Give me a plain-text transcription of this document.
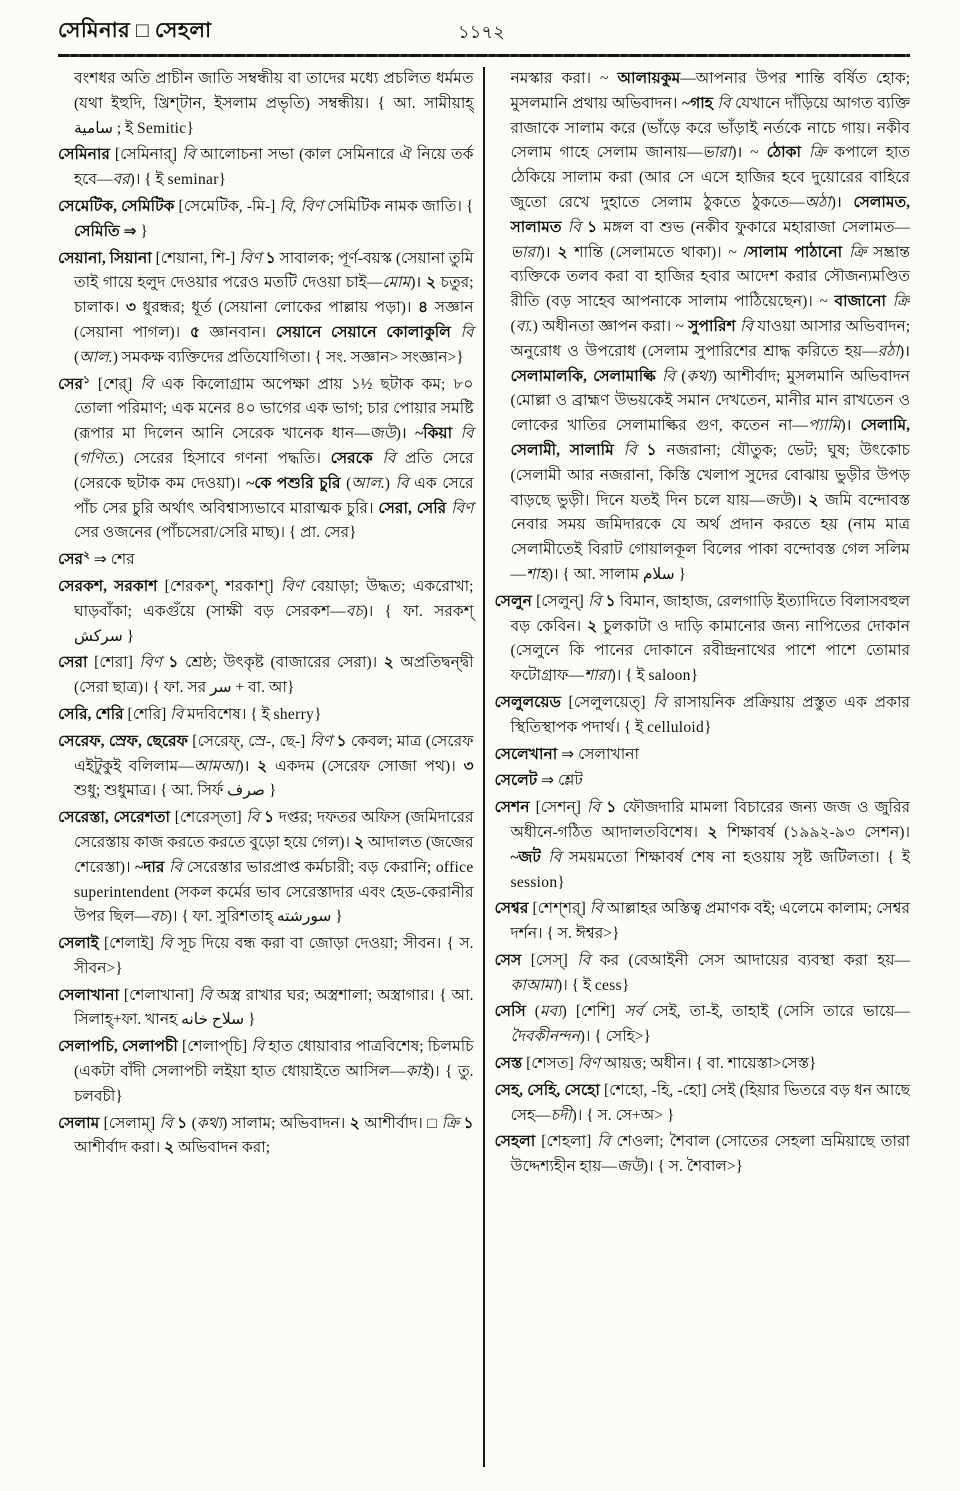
সেমিনার □ সেহলা	১১৭২

বংশধর অতি প্রাচীন জাতি সম্বন্ধীয় বা তাদের মধ্যে প্রচলিত ধর্মমত (যথা ইহুদি, খ্রিশ্টান, ইসলাম প্রভৃতি) সম্বন্ধীয়। { আ. সামীয়াহ্ سامية ; ই Semitic}

সেমিনার [সেমিনার্] বি আলোচনা সভা (কাল সেমিনারে ঐ নিয়ে তর্ক হবে—বর)। { ই seminar}

সেমেটিক, সেমিটিক [সেমেটিক, -মি-] বি, বিণ সেমিটিক নামক জাতি। { সেমিতি ⇒ }

সেয়ানা, সিয়ানা [শেয়ানা, শি-] বিণ ১ সাবালক; পূর্ণ-বয়স্ক (সেয়ানা তুমি তাই গায়ে হলুদ দেওয়ার পরেও মতটি দেওয়া চাই—মোম)। ২ চতুর; চালাক। ৩ ধুরন্ধর; ধূর্ত (সেয়ানা লোকের পাল্লায় পড়া)। ৪ সজ্ঞান (সেয়ানা পাগল)। ৫ জ্ঞানবান। সেয়ানে সেয়ানে কোলাকুলি বি (আল.) সমকক্ষ ব্যক্তিদের প্রতিযোগিতা। { সং. সজ্ঞান> সংজ্ঞান>}

সের$^১$ [শের্] বি এক কিলোগ্রাম অপেক্ষা প্রায় ১½ ছটাক কম; ৮০ তোলা পরিমাণ; এক মনের ৪০ ভাগের এক ভাগ; চার পোয়ার সমষ্টি (রূপার মা দিলেন আনি সেরেক খানেক ধান—জউ)। ~কিয়া বি (গণিত.) সেরের হিসাবে গণনা পদ্ধতি। সেরকে বি প্রতি সেরে (সেরকে ছটাক কম দেওয়া)। ~কে পশুরি চুরি (আল.) বি এক সেরে পাঁচ সের চুরি অর্থাৎ অবিশ্বাস্যভাবে মারাত্মক চুরি। সেরা, সেরি বিণ সের ওজনের (পাঁচসেরা/সেরি মাছ)। { প্রা. সের}

সের$^২$ ⇒ শের

সেরকশ, সরকাশ [শেরকশ্, শরকাশ্] বিণ বেয়াড়া; উদ্ধত; একরোখা; ঘাড়বাঁকা; একগুঁয়ে (সাক্ষী বড় সেরকশ—বচ)। { ফা. সরকশ্ سرکش }

সেরা [শেরা] বিণ ১ শ্রেষ্ঠ; উৎকৃষ্ট (বাজারের সেরা)। ২ অপ্রতিদ্বন্দ্বী (সেরা ছাত্র)। { ফা. সর سر + বা. আ}

সেরি, শেরি [শেরি] বি মদবিশেষ। { ই sherry}

সেরেফ, স্রেফ, ছেরেফ [সেরেফ্, স্রে-, ছে-] বিণ ১ কেবল; মাত্র (সেরেফ এইটুকুই বলিলাম—আমআ)। ২ একদম (সেরেফ সোজা পথ)। ৩ শুধু; শুধুমাত্র। { আ. সির্ফ صرف }

সেরেস্তা, সেরেশতা [শেরেস্‌তা] বি ১ দপ্তর; দফতর অফিস (জমিদারের সেরেস্তায় কাজ করতে করতে বুড়ো হয়ে গেল)। ২ আদালত (জজের শেরেস্তা)। ~দার বি সেরেস্তার ভারপ্রাপ্ত কর্মচারী; বড় কেরানি; office superintendent (সকল কর্মের ভাব সেরেস্তাদার এবং হেড-কেরানীর উপর ছিল—বচ)। { ফা. সুরিশতাহ্ سورشته }

সেলাই [শেলাই] বি সূচ দিয়ে বন্ধ করা বা জোড়া দেওয়া; সীবন। { স. সীবন>}

সেলাখানা [শেলাখানা] বি অস্ত্র রাখার ঘর; অস্ত্রশালা; অস্ত্রাগার। { আ. সিলাহ্+ফা. খানহ سلاح خانه }

সেলাপচি, সেলাপচী [শেলাপ্‌চি] বি হাত ধোয়াবার পাত্রবিশেষ; চিলমচি (একটা বাঁদী সেলাপচী লইয়া হাত ধোয়াইতে আসিল—কাই)। { তু. চলবচী}

সেলাম [সেলাম্] বি ১ (কথ্য) সালাম; অভিবাদন। ২ আশীর্বাদ। □ ক্রি ১ আশীর্বাদ করা। ২ অভিবাদন করা;

নমস্কার করা। ~ আলায়কুম—আপনার উপর শান্তি বর্ষিত হোক; মুসলমানি প্রথায় অভিবাদন। ~গাহ বি যেখানে দাঁড়িয়ে আগত ব্যক্তি রাজাকে সালাম করে (ভাঁড়ে করে ভাঁড়াই নর্তকে নাচে গায়। নকীব সেলাম গাহে সেলাম জানায়—ভারা)। ~ ঠোকা ক্রি কপালে হাত ঠেকিয়ে সালাম করা (আর সে এসে হাজির হবে দুয়োরের বাহিরে জুতো রেখে দুহাতে সেলাম ঠুকতে ঠুকতে—অঠা)। সেলামত, সালামত বি ১ মঙ্গল বা শুভ (নকীব ফুকারে মহারাজা সেলামত—ভারা)। ২ শান্তি (সেলামতে থাকা)। ~ /সালাম পাঠানো ক্রি সম্ভ্রান্ত ব্যক্তিকে তলব করা বা হাজির হবার আদেশ করার সৌজন্যমণ্ডিত রীতি (বড় সাহেব আপনাকে সালাম পাঠিয়েছেন)। ~ বাজানো ক্রি (ব্য.) অধীনতা জ্ঞাপন করা। ~ সুপারিশ বি যাওয়া আসার অভিবাদন; অনুরোধ ও উপরোধ (সেলাম সুপারিশের শ্রাদ্ধ করিতে হয়—রঠা)। সেলামালকি, সেলামাল্কি বি (কথ্য) আশীর্বাদ; মুসলমানি অভিবাদন (মোল্লা ও ব্রাহ্মণ উভয়কেই সমান দেখতেন, মানীর মান রাখতেন ও লোকের খাতির সেলামাল্কির গুণ, কতেন না—প্যামি)। সেলামি, সেলামী, সালামি বি ১ নজরানা; যৌতুক; ভেট; ঘুষ; উৎকোচ (সেলামী আর নজরানা, কিস্তি খেলাপ সুদের বোঝায় ভুড়ীর উপড় বাড়ছে ভুড়ী। দিনে যতই দিন চলে যায়—জউ)। ২ জমি বন্দোবস্ত নেবার সময় জমিদারকে যে অর্থ প্রদান করতে হয় (নাম মাত্র সেলামীতেই বিরাট গোয়ালকূল বিলের পাকা বন্দোবস্ত গেল সলিম—শাহ)। { আ. সালাম سلام }

সেলুন [সেলুন্] বি ১ বিমান, জাহাজ, রেলগাড়ি ইত্যাদিতে বিলাসবহুল বড় কেবিন। ২ চুলকাটা ও দাড়ি কামানোর জন্য নাপিতের দোকান (সেলুনে কি পানের দোকানে রবীন্দ্রনাথের পাশে পাশে তোমার ফটোগ্রাফ—শারা)। { ই saloon}

সেলুলয়েড [সেলুলয়েত্] বি রাসায়নিক প্রক্রিয়ায় প্রস্তুত এক প্রকার স্থিতিস্থাপক পদার্থ। { ই celluloid}

সেলেখানা ⇒ সেলাখানা

সেলেট ⇒ শ্লেট

সেশন [সেশন্] বি ১ ফৌজদারি মামলা বিচারের জন্য জজ ও জুরির অধীনে-গঠিত আদালতবিশেষ। ২ শিক্ষাবর্ষ (১৯৯২-৯৩ সেশন)। ~জট বি সময়মতো শিক্ষাবর্ষ শেষ না হওয়ায় সৃষ্ট জটিলতা। { ই session}

সেশ্বর [শেশ্‌শর্] বি আল্লাহর অস্তিত্ব প্রমাণক বই; এলেমে কালাম; সেশ্বর দর্শন। { স. ঈশ্বর>}

সেস [সেস্] বি কর (বেআইনী সেস আদায়ের ব্যবস্থা করা হয়—কাআমা)। { ই cess}

সেসি (মব্য) [শেশি] সর্ব সেই, তা-ই, তাহাই (সেসি তারে ভায়ে—দৈবকীনন্দন)। { সেহি>}

সেস্ত [শেসত] বিণ আয়ত্ত; অধীন। { বা. শায়েস্তা>সেস্ত}

সেহ, সেহি, সেহো [শেহো, -হি, -হো] সেই (হিয়ার ভিতরে বড় ধন আছে সেহ—চদী)। { স. সে+অ> }

সেহলা [শেহলা] বি শেওলা; শৈবাল (সোতের সেহলা ভ্রমিয়াছে তারা উদ্দেশ্যহীন হায়—জউ)। { স. শৈবাল>}
